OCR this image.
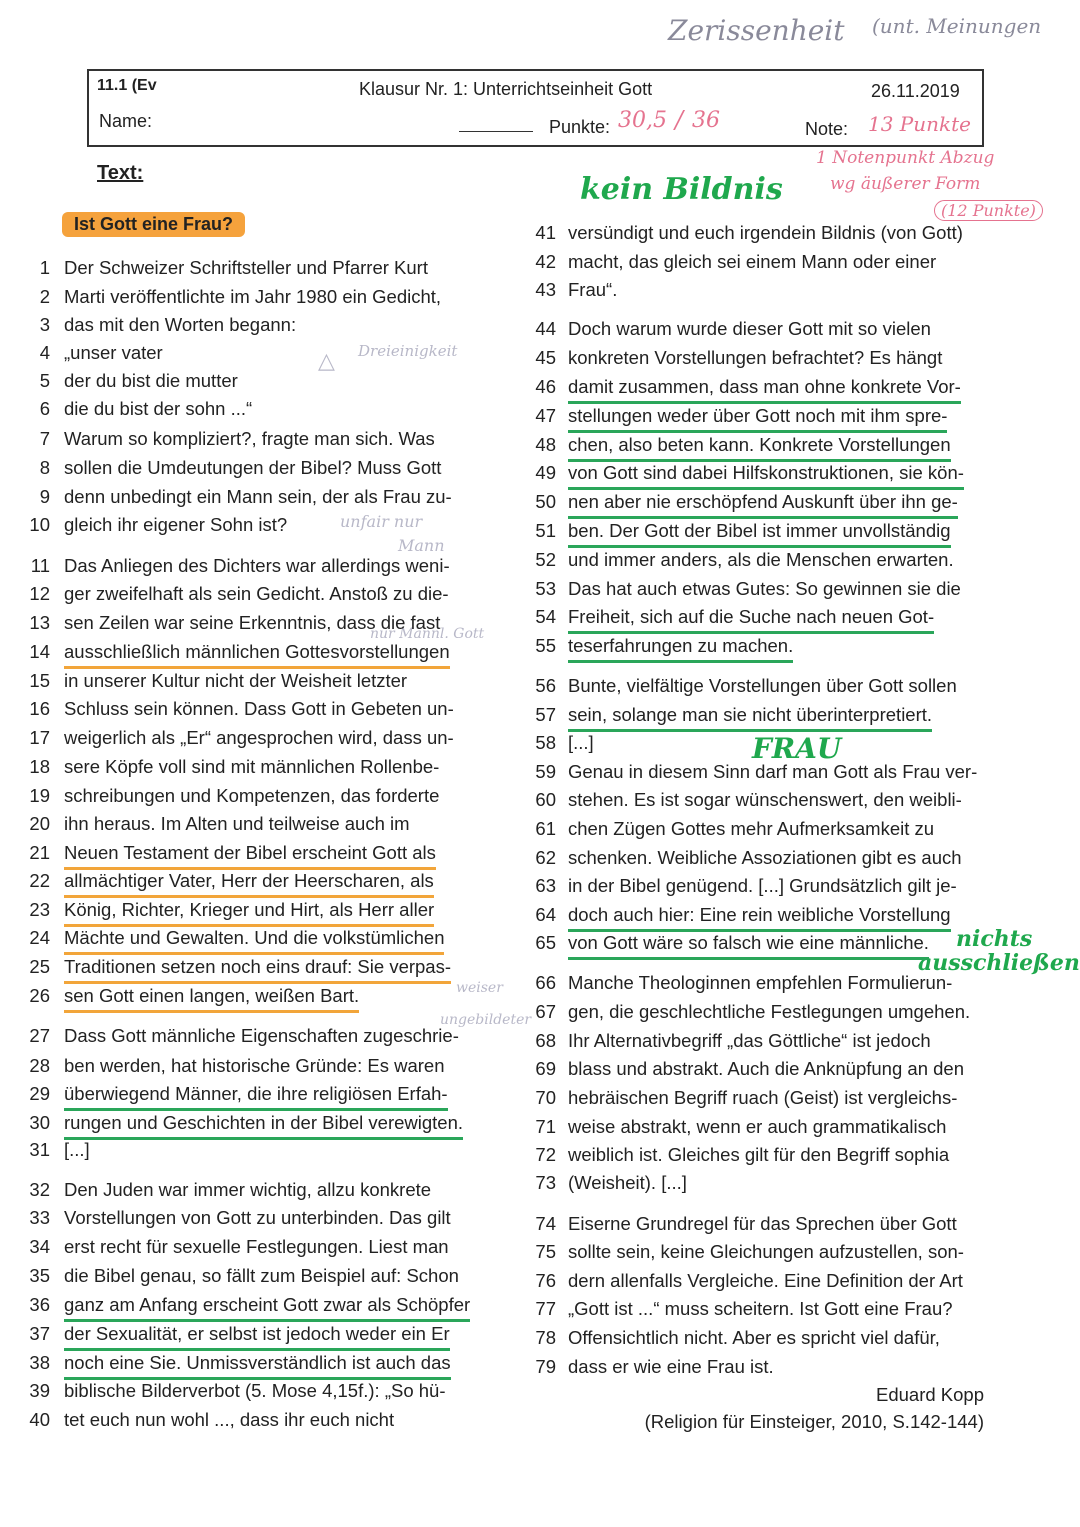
Zerissenheit (unt. Meinungen
11.1 (Ev	Klausur Nr. 1: Unterrichtseinheit Gott	26.11.2019
Name:	Punkte:	Note:
30,5 / 36	13 Punkte
1 Notenpunkt Abzug
wg äußerer Form
(12 Punkte)
Text:
Ist Gott eine Frau?
kein Bildnis
Dreieinigkeit
△
unfair nur
Mann
nur Männl. Gott
FRAU
nichts
ausschließen
weiser
ungebildeter
1 Der Schweizer Schriftsteller und Pfarrer Kurt
2 Marti veröffentlichte im Jahr 1980 ein Gedicht,
3 das mit den Worten begann:
4 „unser vater
5 der du bist die mutter
6 die du bist der sohn ...“
7 Warum so kompliziert?, fragte man sich. Was
8 sollen die Umdeutungen der Bibel? Muss Gott
9 denn unbedingt ein Mann sein, der als Frau zu-
10 gleich ihr eigener Sohn ist?
11 Das Anliegen des Dichters war allerdings weni-
12 ger zweifelhaft als sein Gedicht. Anstoß zu die-
13 sen Zeilen war seine Erkenntnis, dass die fast
14 ausschließlich männlichen Gottesvorstellungen
15 in unserer Kultur nicht der Weisheit letzter
16 Schluss sein können. Dass Gott in Gebeten un-
17 weigerlich als „Er“ angesprochen wird, dass un-
18 sere Köpfe voll sind mit männlichen Rollenbe-
19 schreibungen und Kompetenzen, das forderte
20 ihn heraus. Im Alten und teilweise auch im
21 Neuen Testament der Bibel erscheint Gott als
22 allmächtiger Vater, Herr der Heerscharen, als
23 König, Richter, Krieger und Hirt, als Herr aller
24 Mächte und Gewalten. Und die volkstümlichen
25 Traditionen setzen noch eins drauf: Sie verpas-
26 sen Gott einen langen, weißen Bart.
27 Dass Gott männliche Eigenschaften zugeschrie-
28 ben werden, hat historische Gründe: Es waren
29 überwiegend Männer, die ihre religiösen Erfah-
30 rungen und Geschichten in der Bibel verewigten.
31 [...]
32 Den Juden war immer wichtig, allzu konkrete
33 Vorstellungen von Gott zu unterbinden. Das gilt
34 erst recht für sexuelle Festlegungen. Liest man
35 die Bibel genau, so fällt zum Beispiel auf: Schon
36 ganz am Anfang erscheint Gott zwar als Schöpfer
37 der Sexualität, er selbst ist jedoch weder ein Er
38 noch eine Sie. Unmissverständlich ist auch das
39 biblische Bilderverbot (5. Mose 4,15f.): „So hü-
40 tet euch nun wohl ..., dass ihr euch nicht
41 versündigt und euch irgendein Bildnis (von Gott)
42 macht, das gleich sei einem Mann oder einer
43 Frau“.
44 Doch warum wurde dieser Gott mit so vielen
45 konkreten Vorstellungen befrachtet? Es hängt
46 damit zusammen, dass man ohne konkrete Vor-
47 stellungen weder über Gott noch mit ihm spre-
48 chen, also beten kann. Konkrete Vorstellungen
49 von Gott sind dabei Hilfskonstruktionen, sie kön-
50 nen aber nie erschöpfend Auskunft über ihn ge-
51 ben. Der Gott der Bibel ist immer unvollständig
52 und immer anders, als die Menschen erwarten.
53 Das hat auch etwas Gutes: So gewinnen sie die
54 Freiheit, sich auf die Suche nach neuen Got-
55 teserfahrungen zu machen.
56 Bunte, vielfältige Vorstellungen über Gott sollen
57 sein, solange man sie nicht überinterpretiert.
58 [...]
59 Genau in diesem Sinn darf man Gott als Frau ver-
60 stehen. Es ist sogar wünschenswert, den weibli-
61 chen Zügen Gottes mehr Aufmerksamkeit zu
62 schenken. Weibliche Assoziationen gibt es auch
63 in der Bibel genügend. [...] Grundsätzlich gilt je-
64 doch auch hier: Eine rein weibliche Vorstellung
65 von Gott wäre so falsch wie eine männliche.
66 Manche Theologinnen empfehlen Formulierun-
67 gen, die geschlechtliche Festlegungen umgehen.
68 Ihr Alternativbegriff „das Göttliche“ ist jedoch
69 blass und abstrakt. Auch die Anknüpfung an den
70 hebräischen Begriff ruach (Geist) ist vergleichs-
71 weise abstrakt, wenn er auch grammatikalisch
72 weiblich ist. Gleiches gilt für den Begriff sophia
73 (Weisheit). [...]
74 Eiserne Grundregel für das Sprechen über Gott
75 sollte sein, keine Gleichungen aufzustellen, son-
76 dern allenfalls Vergleiche. Eine Definition der Art
77 „Gott ist ...“ muss scheitern. Ist Gott eine Frau?
78 Offensichtlich nicht. Aber es spricht viel dafür,
79 dass er wie eine Frau ist.
Eduard Kopp
(Religion für Einsteiger, 2010, S.142-144)
